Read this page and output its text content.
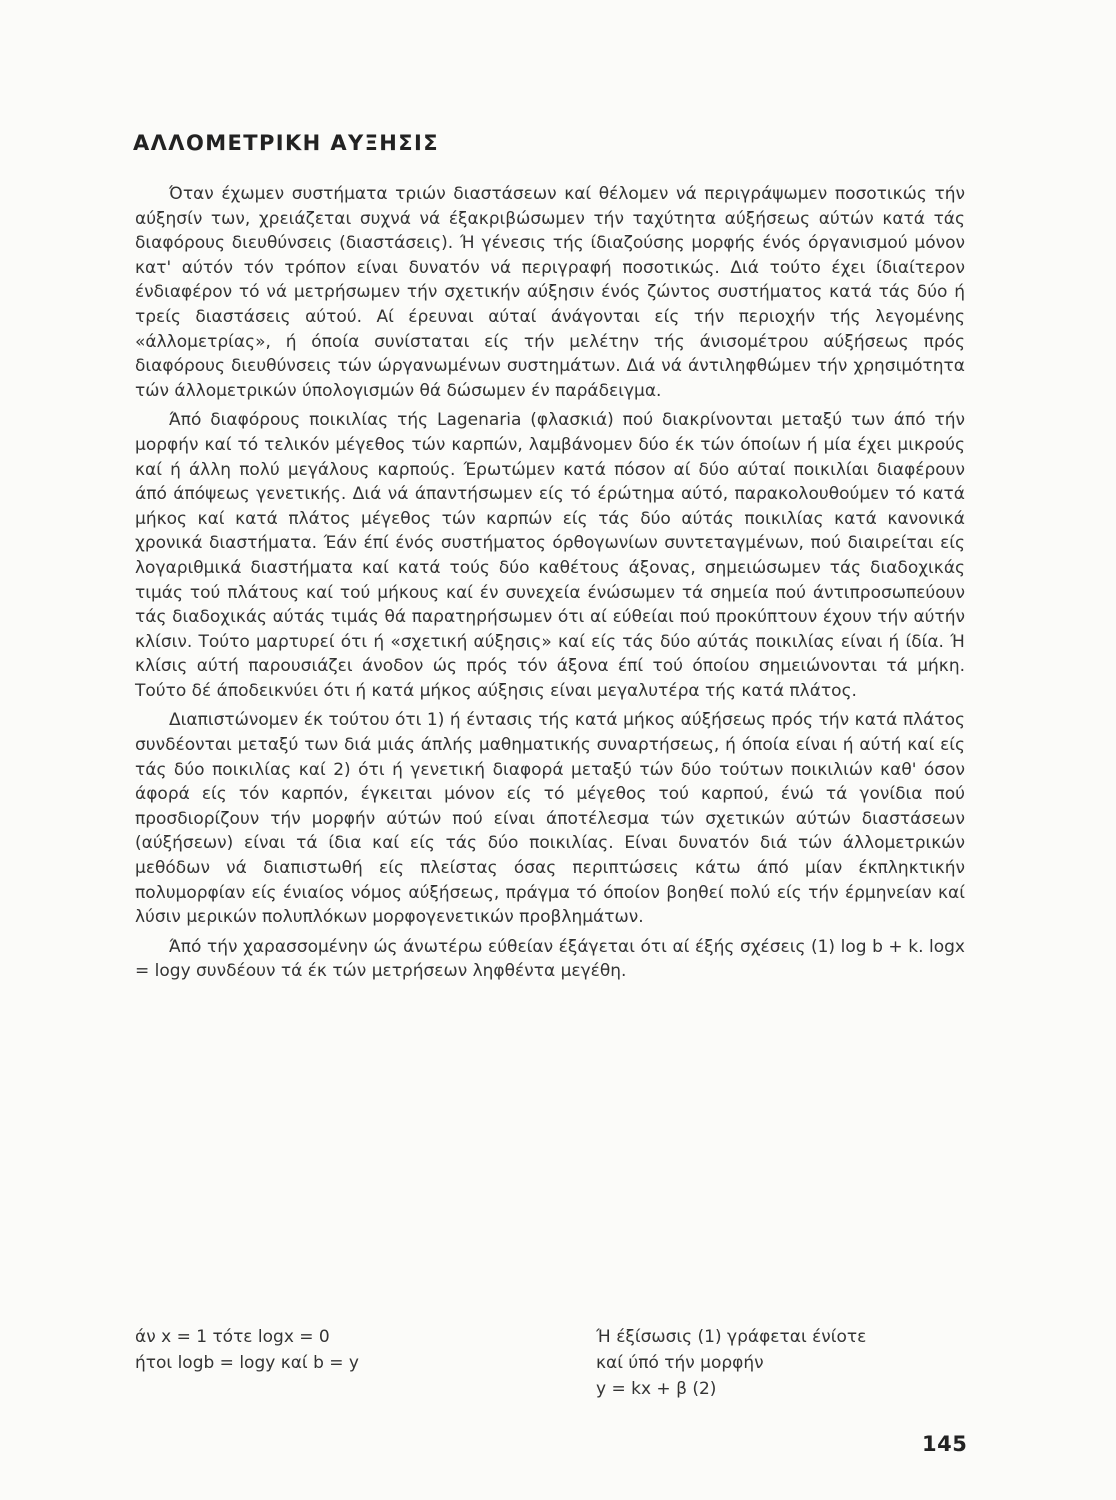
ΑΛΛΟΜΕΤΡΙΚΗ ΑΥΞΗΣΙΣ

Όταν έχωμεν συστήματα τριών διαστάσεων καί θέλομεν νά περιγράψωμεν ποσοτικώς τήν αύξησίν των, χρειάζεται συχνά νά έξακριβώσωμεν τήν ταχύτητα αύξήσεως αύτών κατά τάς διαφόρους διευθύνσεις (διαστάσεις). Ή γένεσις τής ίδιαζούσης μορφής ένός όργανισμού μόνον κατ' αύτόν τόν τρόπον είναι δυνατόν νά περιγραφή ποσοτικώς. Διά τούτο έχει ίδιαίτερον ένδιαφέρον τό νά μετρήσωμεν τήν σχετικήν αύξησιν ένός ζώντος συστήματος κατά τάς δύο ή τρείς διαστάσεις αύτού. Αί έρευναι αύταί άνάγονται είς τήν περιοχήν τής λεγομένης «άλλομετρίας», ή όποία συνίσταται είς τήν μελέτην τής άνισομέτρου αύξήσεως πρός διαφόρους διευθύνσεις τών ώργανωμένων συστημάτων. Διά νά άντιληφθώμεν τήν χρησιμότητα τών άλλομετρικών ύπολογισμών θά δώσωμεν έν παράδειγμα.

Άπό διαφόρους ποικιλίας τής Lagenaria (φλασκιά) πού διακρίνονται μεταξύ των άπό τήν μορφήν καί τό τελικόν μέγεθος τών καρπών, λαμβάνομεν δύο έκ τών όποίων ή μία έχει μικρούς καί ή άλλη πολύ μεγάλους καρπούς. Έρωτώμεν κατά πόσον αί δύο αύταί ποικιλίαι διαφέρουν άπό άπόψεως γενετικής. Διά νά άπαντήσωμεν είς τό έρώτημα αύτό, παρακολουθούμεν τό κατά μήκος καί κατά πλάτος μέγεθος τών καρπών είς τάς δύο αύτάς ποικιλίας κατά κανονικά χρονικά διαστήματα. Έάν έπί ένός συστήματος όρθογωνίων συντεταγμένων, πού διαιρείται είς λογαριθμικά διαστήματα καί κατά τούς δύο καθέτους άξονας, σημειώσωμεν τάς διαδοχικάς τιμάς τού πλάτους καί τού μήκους καί έν συνεχεία ένώσωμεν τά σημεία πού άντιπροσωπεύουν τάς διαδοχικάς αύτάς τιμάς θά παρατηρήσωμεν ότι αί εύθείαι πού προκύπτουν έχουν τήν αύτήν κλίσιν. Τούτο μαρτυρεί ότι ή «σχετική αύξησις» καί είς τάς δύο αύτάς ποικιλίας είναι ή ίδία. Ή κλίσις αύτή παρουσιάζει άνοδον ώς πρός τόν άξονα έπί τού όποίου σημειώνονται τά μήκη. Τούτο δέ άποδεικνύει ότι ή κατά μήκος αύξησις είναι μεγαλυτέρα τής κατά πλάτος.

Διαπιστώνομεν έκ τούτου ότι 1) ή έντασις τής κατά μήκος αύξήσεως πρός τήν κατά πλάτος συνδέονται μεταξύ των διά μιάς άπλής μαθηματικής συναρτήσεως, ή όποία είναι ή αύτή καί είς τάς δύο ποικιλίας καί 2) ότι ή γενετική διαφορά μεταξύ τών δύο τούτων ποικιλιών καθ' όσον άφορά είς τόν καρπόν, έγκειται μόνον είς τό μέγεθος τού καρπού, ένώ τά γονίδια πού προσδιορίζουν τήν μορφήν αύτών πού είναι άποτέλεσμα τών σχετικών αύτών διαστάσεων (αύξήσεων) είναι τά ίδια καί είς τάς δύο ποικιλίας. Είναι δυνατόν διά τών άλλομετρικών μεθόδων νά διαπιστωθή είς πλείστας όσας περιπτώσεις κάτω άπό μίαν έκπληκτικήν πολυμορφίαν είς ένιαίος νόμος αύξήσεως, πράγμα τό όποίον βοηθεί πολύ είς τήν έρμηνείαν καί λύσιν μερικών πολυπλόκων μορφογενετικών προβλημάτων.

Άπό τήν χαρασσομένην ώς άνωτέρω εύθείαν έξάγεται ότι αί έξής σχέσεις (1) log b + k. logx = logy συνδέουν τά έκ τών μετρήσεων ληφθέντα μεγέθη.

άν x = 1 τότε logx = 0
ήτοι logb = logy καί b = y
Ή έξίσωσις (1) γράφεται ένίοτε
καί ύπό τήν μορφήν
y = kx + β (2)
145
